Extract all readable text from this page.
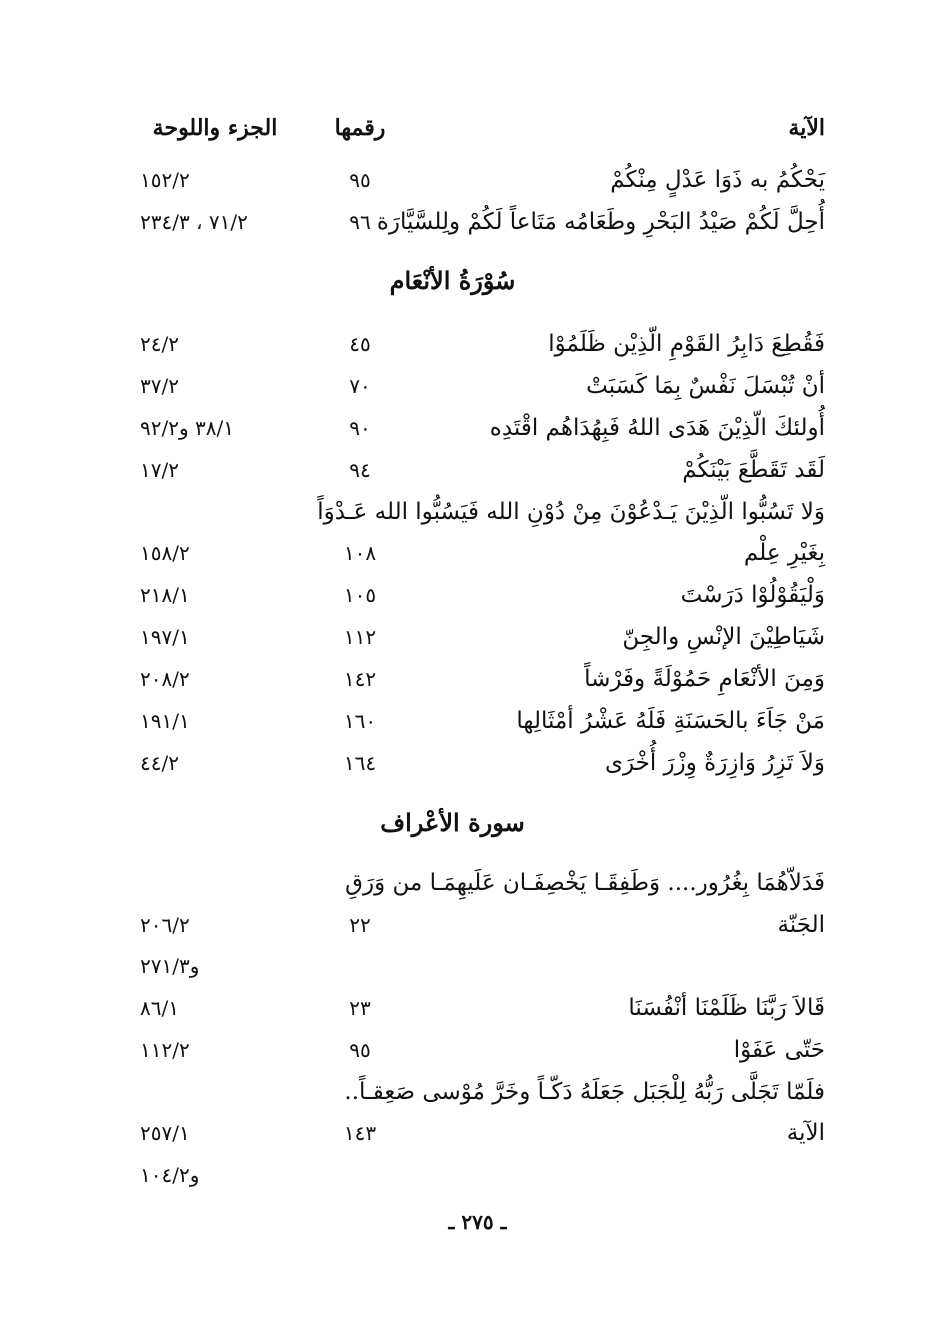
الآية
رقمها
الجزء واللوحة
يَحْكُمُ به ذَوَا عَدْلٍ مِنْكُمْ
٩٥
١٥٢/٢
أُحِلَّ لَكُمْ صَيْدُ البَحْرِ وطَعَامُه مَتَاعاً لَكُمْ ولِلسَّيَّارَة
٩٦
٧١/٢ ، ٢٣٤/٣
سُوْرَةُ الأنْعَام
فَقُطِعَ دَابِرُ القَوْمِ الّذِيْن ظَلَمُوْا
٤٥
٢٤/٢
أنْ تُبْسَلَ نَفْسٌ بِمَا كَسَبَتْ
٧٠
٣٧/٢
أُولئكَ الّذِيْنَ هَدَى اللهُ فَبِهُدَاهُم اقْتَدِه
٩٠
٣٨/١ و٩٢/٢
لَقَد تَقَطَّعَ بَيْنَكُمْ
٩٤
١٧/٢
وَلا تَسُبُّوا الّذِيْنَ يَـدْعُوْنَ مِنْ دُوْنِ الله فَيَسُبُّوا الله عَـدْوَاً
بِغَيْرِ عِلْم
١٠٨
١٥٨/٢
وَلْيَقُوْلُوْا دَرَسْتَ
١٠٥
٢١٨/١
شَيَاطِيْنَ الإنْسِ والجِنّ
١١٢
١٩٧/١
وَمِنَ الأنْعَامِ حَمُوْلَةً وفَرْشاً
١٤٢
٢٠٨/٢
مَنْ جَاَءَ بالحَسَنَةِ فَلَهُ عَشْرُ أمْثَالِها
١٦٠
١٩١/١
وَلاَ تَزِرُ وَازِرَةٌ وِزْرَ أُخْرَى
١٦٤
٤٤/٢
سورة الأعْراف
فَدَلاّهُمَا بِغُرُور.... وَطَفِقَـا يَخْصِفَـان عَلَيهِمَـا من وَرَقِ
الجَنّة
٢٢
٢٠٦/٢
و٢٧١/٣
قَالاَ رَبَّنَا ظَلَمْنَا أنْفُسَنَا
٢٣
٨٦/١
حَتّى عَفَوْا
٩٥
١١٢/٢
فلَمّا تَجَلَّى رَبُّهُ لِلْجَبَل جَعَلَهُ دَكّـاً وخَرَّ مُوْسى صَعِقـاً..
الآية
١٤٣
٢٥٧/١
و١٠٤/٢
ـ ٢٧٥ ـ
